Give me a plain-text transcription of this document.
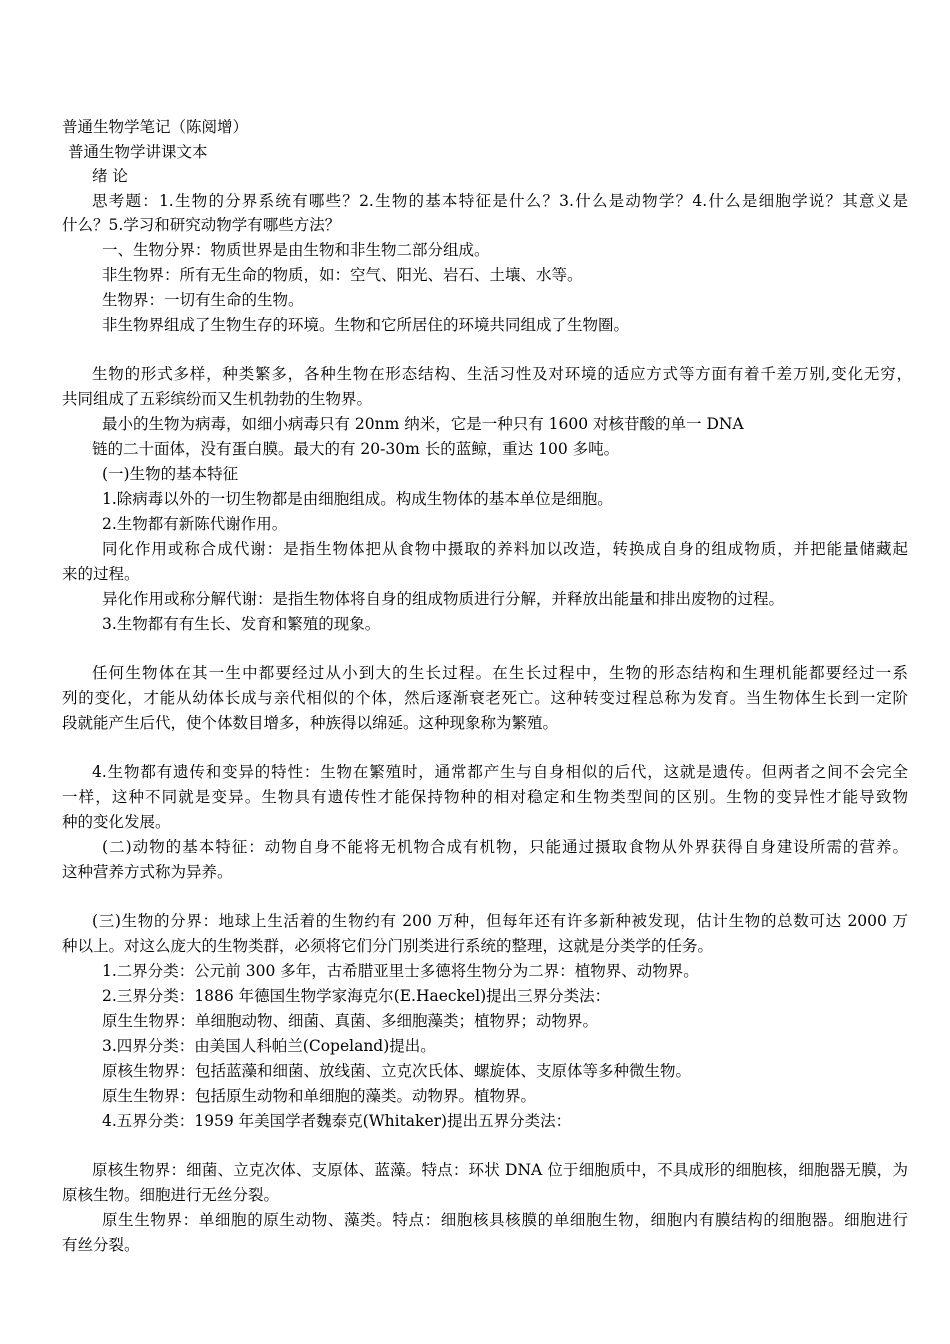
普通生物学笔记（陈阅增）
普通生物学讲课文本
绪 论
思考题：1.生物的分界系统有哪些？2.生物的基本特征是什么？3.什么是动物学？4.什么是细胞学说？其意义是
什么？5.学习和研究动物学有哪些方法？
一、生物分界：物质世界是由生物和非生物二部分组成。
非生物界：所有无生命的物质，如：空气、阳光、岩石、土壤、水等。
生物界：一切有生命的生物。
非生物界组成了生物生存的环境。生物和它所居住的环境共同组成了生物圈。
生物的形式多样，种类繁多，各种生物在形态结构、生活习性及对环境的适应方式等方面有着千差万别,变化无穷，
共同组成了五彩缤纷而又生机勃勃的生物界。
最小的生物为病毒，如细小病毒只有 20nm 纳米，它是一种只有 1600 对核苷酸的单一 DNA
链的二十面体，没有蛋白膜。最大的有 20-30m 长的蓝鲸，重达 100 多吨。
(一)生物的基本特征
1.除病毒以外的一切生物都是由细胞组成。构成生物体的基本单位是细胞。
2.生物都有新陈代谢作用。
同化作用或称合成代谢：是指生物体把从食物中摄取的养料加以改造，转换成自身的组成物质，并把能量储藏起
来的过程。
异化作用或称分解代谢：是指生物体将自身的组成物质进行分解，并释放出能量和排出废物的过程。
3.生物都有有生长、发育和繁殖的现象。
任何生物体在其一生中都要经过从小到大的生长过程。在生长过程中，生物的形态结构和生理机能都要经过一系
列的变化，才能从幼体长成与亲代相似的个体，然后逐渐衰老死亡。这种转变过程总称为发育。当生物体生长到一定阶
段就能产生后代，使个体数目增多，种族得以绵延。这种现象称为繁殖。
4.生物都有遗传和变异的特性：生物在繁殖时，通常都产生与自身相似的后代，这就是遗传。但两者之间不会完全
一样，这种不同就是变异。生物具有遗传性才能保持物种的相对稳定和生物类型间的区别。生物的变异性才能导致物
种的变化发展。
(二)动物的基本特征：动物自身不能将无机物合成有机物，只能通过摄取食物从外界获得自身建设所需的营养。
这种营养方式称为异养。
(三)生物的分界：地球上生活着的生物约有 200 万种，但每年还有许多新种被发现，估计生物的总数可达 2000 万
种以上。对这么庞大的生物类群，必须将它们分门别类进行系统的整理，这就是分类学的任务。
1.二界分类：公元前 300 多年，古希腊亚里士多德将生物分为二界：植物界、动物界。
2.三界分类：1886 年德国生物学家海克尔(E.Haeckel)提出三界分类法：
原生生物界：单细胞动物、细菌、真菌、多细胞藻类；植物界；动物界。
3.四界分类：由美国人科帕兰(Copeland)提出。
原核生物界：包括蓝藻和细菌、放线菌、立克次氏体、螺旋体、支原体等多种微生物。
原生生物界：包括原生动物和单细胞的藻类。动物界。植物界。
4.五界分类：1959 年美国学者魏泰克(Whitaker)提出五界分类法：
原核生物界：细菌、立克次体、支原体、蓝藻。特点：环状 DNA 位于细胞质中，不具成形的细胞核，细胞器无膜，为
原核生物。细胞进行无丝分裂。
原生生物界：单细胞的原生动物、藻类。特点：细胞核具核膜的单细胞生物，细胞内有膜结构的细胞器。细胞进行
有丝分裂。
